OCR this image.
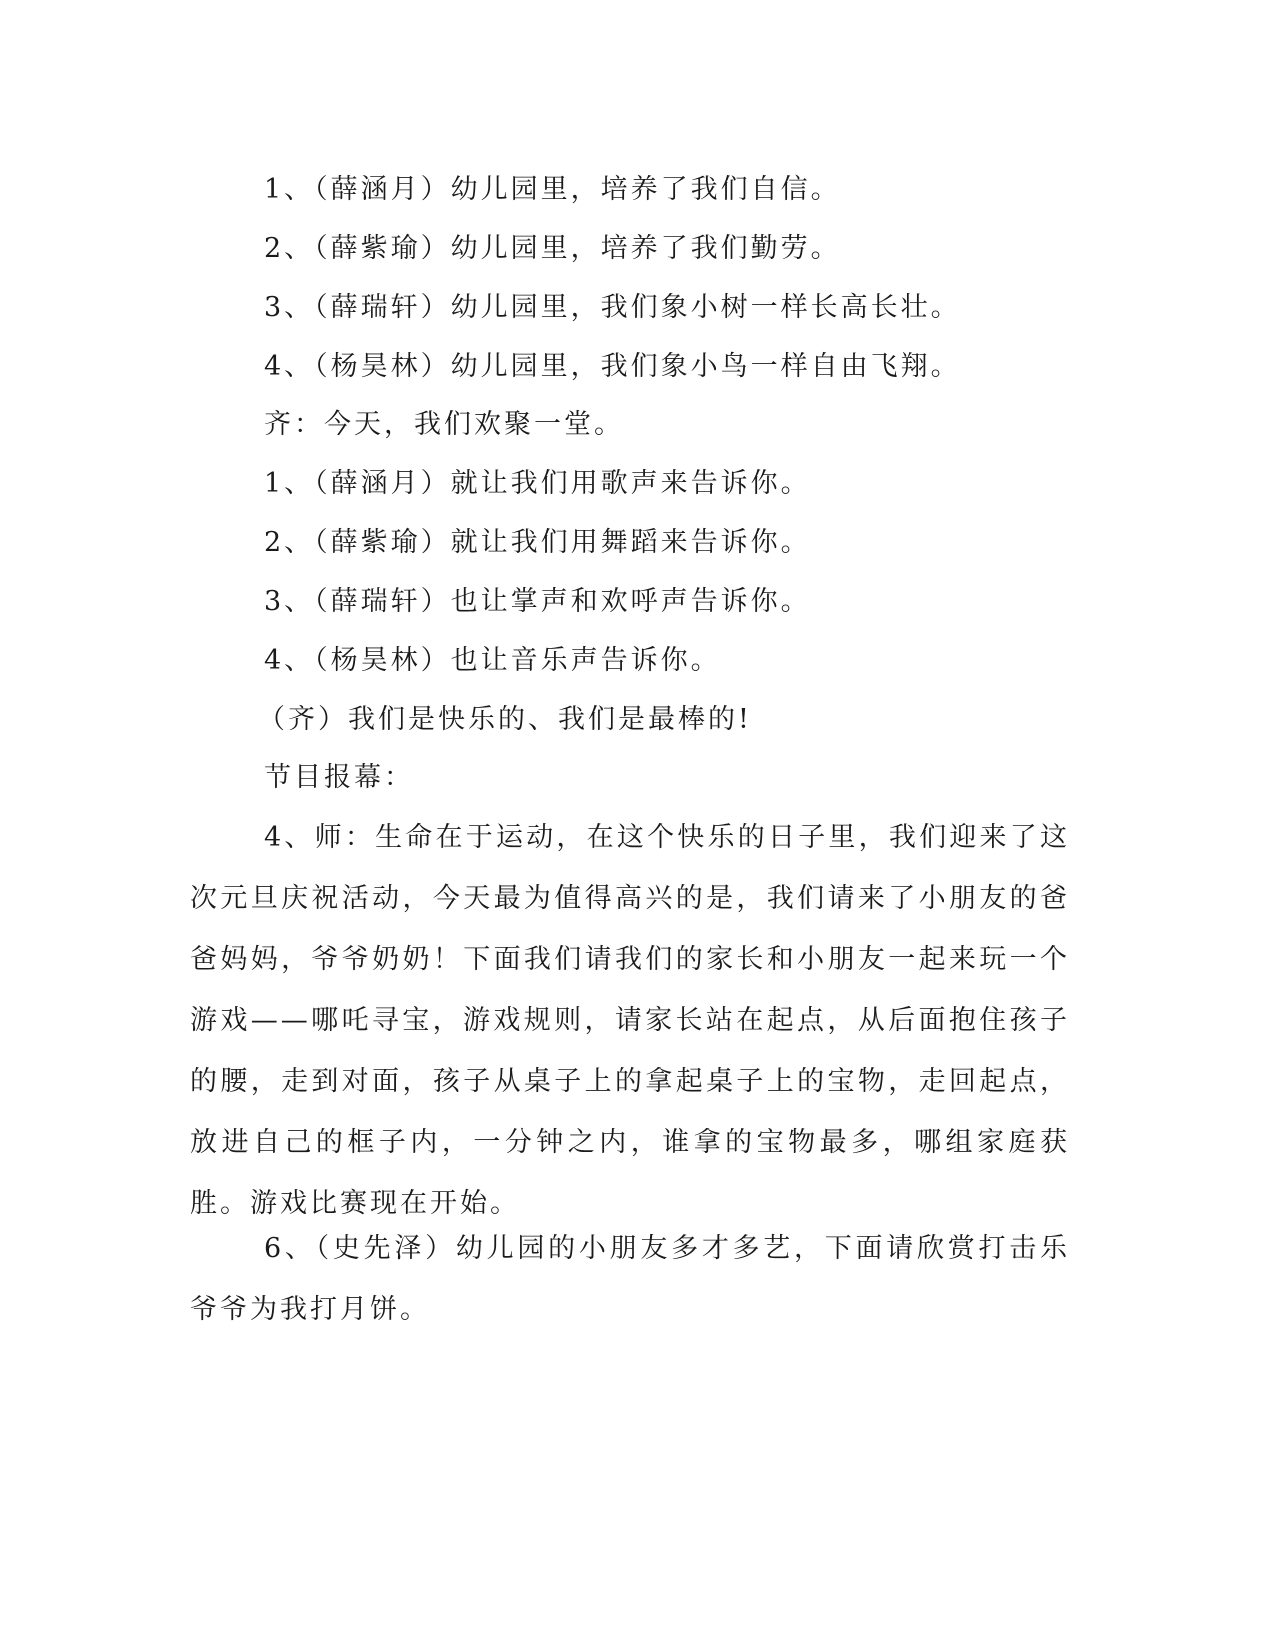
1、（薛涵月）幼儿园里，培养了我们自信。
2、（薛紫瑜）幼儿园里，培养了我们勤劳。
3、（薛瑞轩）幼儿园里，我们象小树一样长高长壮。
4、（杨昊林）幼儿园里，我们象小鸟一样自由飞翔。
齐：今天，我们欢聚一堂。
1、（薛涵月）就让我们用歌声来告诉你。
2、（薛紫瑜）就让我们用舞蹈来告诉你。
3、（薛瑞轩）也让掌声和欢呼声告诉你。
4、（杨昊林）也让音乐声告诉你。
（齐）我们是快乐的、我们是最棒的!
节目报幕：
4、师：生命在于运动，在这个快乐的日子里，我们迎来了这次元旦庆祝活动，今天最为值得高兴的是，我们请来了小朋友的爸爸妈妈，爷爷奶奶！下面我们请我们的家长和小朋友一起来玩一个游戏——哪吒寻宝，游戏规则，请家长站在起点，从后面抱住孩子的腰，走到对面，孩子从桌子上的拿起桌子上的宝物，走回起点，放进自己的框子内，一分钟之内，谁拿的宝物最多，哪组家庭获胜。游戏比赛现在开始。
6、（史先泽）幼儿园的小朋友多才多艺，下面请欣赏打击乐爷爷为我打月饼。
